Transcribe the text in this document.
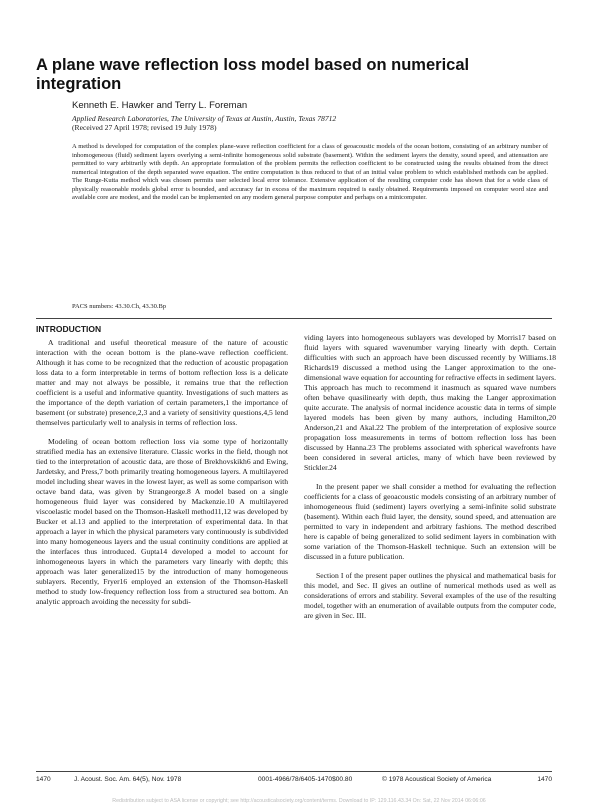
A plane wave reflection loss model based on numerical integration
Kenneth E. Hawker and Terry L. Foreman
Applied Research Laboratories, The University of Texas at Austin, Austin, Texas 78712
(Received 27 April 1978; revised 19 July 1978)

A method is developed for computation of the complex plane-wave reflection coefficient for a class of geoacoustic models of the ocean bottom, consisting of an arbitrary number of inhomogeneous (fluid) sediment layers overlying a semi-infinite homogeneous solid substrate (basement). Within the sediment layers the density, sound speed, and attenuation are permitted to vary arbitrarily with depth. An appropriate formulation of the problem permits the reflection coefficient to be constructed using the results obtained from the direct numerical integration of the depth separated wave equation. The entire computation is thus reduced to that of an initial value problem to which established methods can be applied. The Runge-Kutta method which was chosen permits user selected local error tolerance. Extensive application of the resulting computer code has shown that for a wide class of physically reasonable models global error is bounded, and accuracy far in excess of the maximum required is easily obtained. Requirements imposed on computer word size and available core are modest, and the model can be implemented on any modern general purpose computer and perhaps on a minicomputer.

PACS numbers: 43.30.Ch, 43.30.Bp
INTRODUCTION

A traditional and useful theoretical measure of the nature of acoustic interaction with the ocean bottom is the plane-wave reflection coefficient. Although it has come to be recognized that the reduction of acoustic propagation loss data to a form interpretable in terms of bottom reflection loss is a delicate matter and may not always be possible, it remains true that the reflection coefficient is a useful and informative quantity. Investigations of such matters as the importance of the depth variation of certain parameters,1 the importance of basement (or substrate) presence,2,3 and a variety of sensitivity questions,4,5 lend themselves particularly well to analysis in terms of reflection loss.

Modeling of ocean bottom reflection loss via some type of horizontally stratified media has an extensive literature. Classic works in the field, though not tied to the interpretation of acoustic data, are those of Brekhovskikh6 and Ewing, Jardetsky, and Press,7 both primarily treating homogeneous layers. A multilayered model including shear waves in the lowest layer, as well as some comparison with octave band data, was given by Strangeorge.8 A model based on a single homogeneous fluid layer was considered by Mackenzie.10 A multilayered viscoelastic model based on the Thomson-Haskell method11,12 was developed by Bucker et al.13 and applied to the interpretation of experimental data. In that approach a layer in which the physical parameters vary continuously is subdivided into many homogeneous layers and the usual continuity conditions are applied at the interfaces thus introduced. Gupta14 developed a model to account for inhomogeneous layers in which the parameters vary linearly with depth; this approach was later generalized15 by the introduction of many homogeneous sublayers. Recently, Fryer16 employed an extension of the Thomson-Haskell method to study low-frequency reflection loss from a structured sea bottom. An analytic approach avoiding the necessity for subdi-

viding layers into homogeneous sublayers was developed by Morris17 based on fluid layers with squared wavenumber varying linearly with depth. Certain difficulties with such an approach have been discussed recently by Williams.18 Richards19 discussed a method using the Langer approximation to the one-dimensional wave equation for accounting for refractive effects in sediment layers. This approach has much to recommend it inasmuch as squared wave numbers often behave quasilinearly with depth, thus making the Langer approximation quite accurate. The analysis of normal incidence acoustic data in terms of simple layered models has been given by many authors, including Hamilton,20 Anderson,21 and Akal.22 The problem of the interpretation of explosive source propagation loss measurements in terms of bottom reflection loss has been discussed by Hanna.23 The problems associated with spherical wavefronts have been considered in several articles, many of which have been reviewed by Stickler.24

In the present paper we shall consider a method for evaluating the reflection coefficients for a class of geoacoustic models consisting of an arbitrary number of inhomogeneous fluid (sediment) layers overlying a semi-infinite solid substrate (basement). Within each fluid layer, the density, sound speed, and attenuation are permitted to vary in independent and arbitrary fashions. The method described here is capable of being generalized to solid sediment layers in combination with some variation of the Thomson-Haskell technique. Such an extension will be discussed in a future publication.

Section I of the present paper outlines the physical and mathematical basis for this model, and Sec. II gives an outline of numerical methods used as well as considerations of errors and stability. Several examples of the use of the resulting model, together with an enumeration of available outputs from the computer code, are given in Sec. III.

1470	J. Acoust. Soc. Am. 64(5), Nov. 1978	0001-4966/78/6405-1470$00.80	© 1978 Acoustical Society of America	1470
Redistribution subject to ASA license or copyright; see http://acousticalsociety.org/content/terms. Download to IP: 129.116.43.34 On: Sat, 22 Nov 2014 06:06:06
